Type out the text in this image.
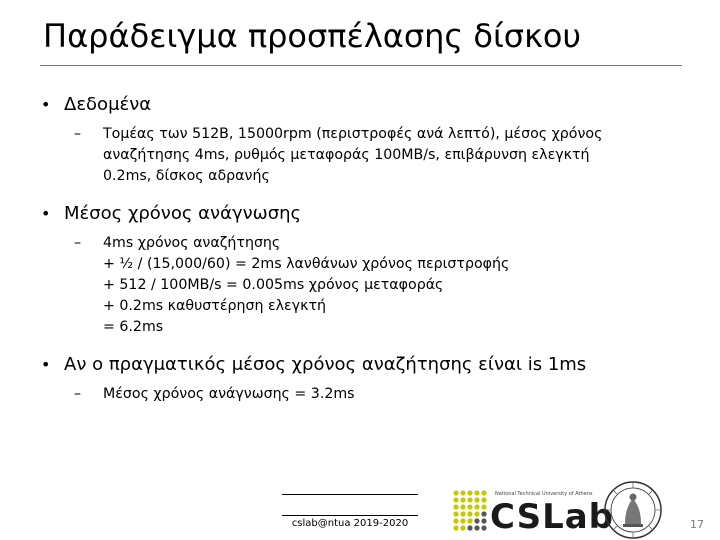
Παράδειγμα προσπέλασης δίσκου
• Δεδομένα
– Τομέας των 512B, 15000rpm (περιστροφές ανά λεπτό), μέσος χρόνος
αναζήτησης 4ms, ρυθμός μεταφοράς 100MB/s, επιβάρυνση ελεγκτή
0.2ms, δίσκος αδρανής
• Μέσος χρόνος ανάγνωσης
– 4ms χρόνος αναζήτησης
+ ½ / (15,000/60) = 2ms λανθάνων χρόνος περιστροφής
+ 512 / 100MB/s = 0.005ms χρόνος μεταφοράς
+ 0.2ms καθυστέρηση ελεγκτή
= 6.2ms
• Αν ο πραγματικός μέσος χρόνος αναζήτησης είναι is 1ms
– Μέσος χρόνος ανάγνωσης = 3.2ms
cslab@ntua 2019-2020
National Technical University of Athens
CSLab	17
